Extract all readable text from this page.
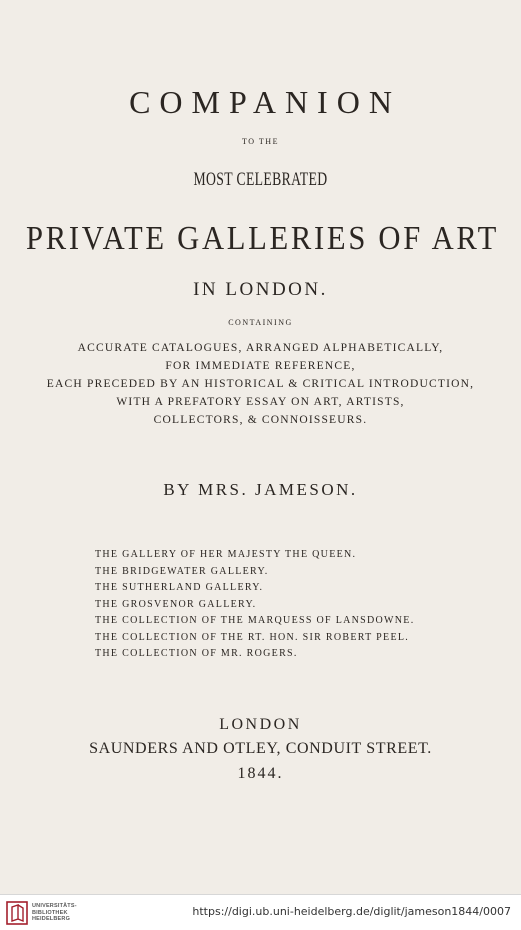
COMPANION
TO THE
MOST CELEBRATED
PRIVATE GALLERIES OF ART
IN LONDON.
CONTAINING
ACCURATE CATALOGUES, ARRANGED ALPHABETICALLY,
FOR IMMEDIATE REFERENCE,
EACH PRECEDED BY AN HISTORICAL & CRITICAL INTRODUCTION,
WITH A PREFATORY ESSAY ON ART, ARTISTS,
COLLECTORS, & CONNOISSEURS.
BY MRS. JAMESON.
THE GALLERY OF HER MAJESTY THE QUEEN.
THE BRIDGEWATER GALLERY.
THE SUTHERLAND GALLERY.
THE GROSVENOR GALLERY.
THE COLLECTION OF THE MARQUESS OF LANSDOWNE.
THE COLLECTION OF THE RT. HON. SIR ROBERT PEEL.
THE COLLECTION OF MR. ROGERS.
LONDON
SAUNDERS AND OTLEY, CONDUIT STREET.
1844.
UNIVERSITÄTS-
BIBLIOTHEK
HEIDELBERG
https://digi.ub.uni-heidelberg.de/diglit/jameson1844/0007
